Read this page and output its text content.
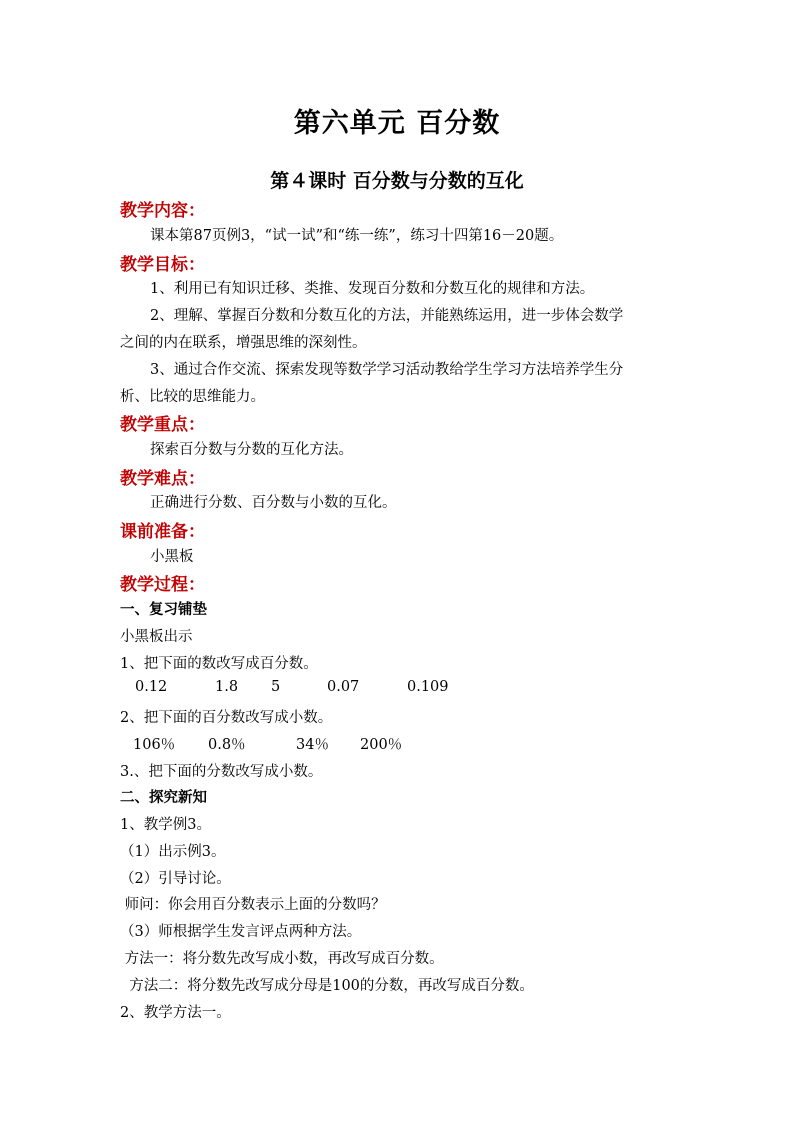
第六单元 百分数
第４课时 百分数与分数的互化
教学内容：
课本第87页例3，“试一试”和“练一练”，练习十四第16－20题。
教学目标：
1、利用已有知识迁移、类推、发现百分数和分数互化的规律和方法。
2、理解、掌握百分数和分数互化的方法，并能熟练运用，进一步体会数学
之间的内在联系，增强思维的深刻性。
3、通过合作交流、探索发现等数学学习活动教给学生学习方法培养学生分
析、比较的思维能力。
教学重点：
探索百分数与分数的互化方法。
教学难点：
正确进行分数、百分数与小数的互化。
课前准备：
小黑板
教学过程：
一、复习铺垫
小黑板出示
1、把下面的数改写成百分数。
0.12	1.8 5	0.07	0.109
2、把下面的百分数改写成小数。
106％ 0.8％	34％ 200％
3.、把下面的分数改写成小数。
二、探究新知
1、教学例3。
（1）出示例3。
（2）引导讨论。
师问：你会用百分数表示上面的分数吗？
（3）师根据学生发言评点两种方法。
方法一：将分数先改写成小数，再改写成百分数。
方法二：将分数先改写成分母是100的分数，再改写成百分数。
2、教学方法一。
